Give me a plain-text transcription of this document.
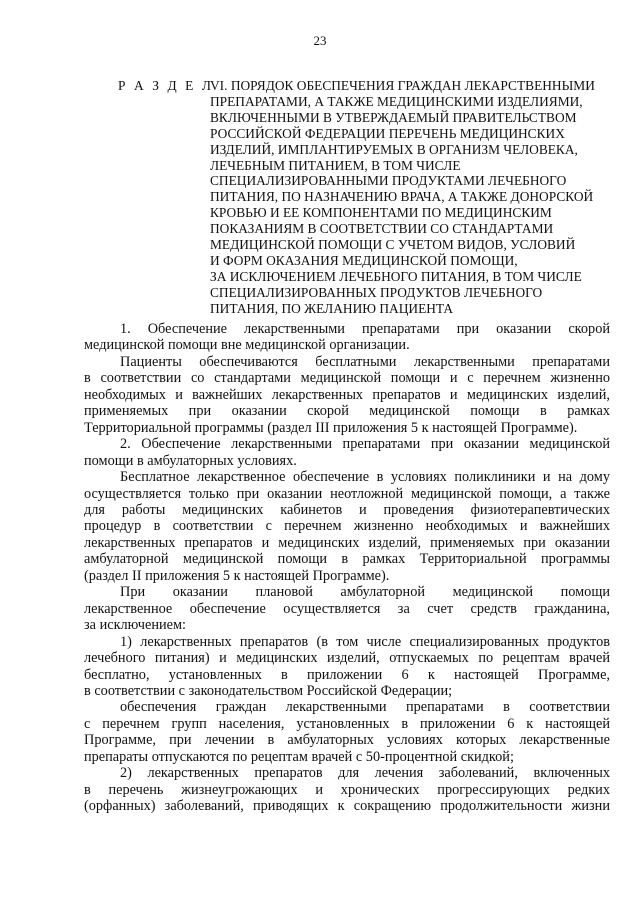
23
Р А З Д Е Л
VI. ПОРЯДОК ОБЕСПЕЧЕНИЯ ГРАЖДАН ЛЕКАРСТВЕННЫМИ
ПРЕПАРАТАМИ, А ТАКЖЕ МЕДИЦИНСКИМИ ИЗДЕЛИЯМИ,
ВКЛЮЧЕННЫМИ В УТВЕРЖДАЕМЫЙ ПРАВИТЕЛЬСТВОМ
РОССИЙСКОЙ ФЕДЕРАЦИИ ПЕРЕЧЕНЬ МЕДИЦИНСКИХ
ИЗДЕЛИЙ, ИМПЛАНТИРУЕМЫХ В ОРГАНИЗМ ЧЕЛОВЕКА,
ЛЕЧЕБНЫМ ПИТАНИЕМ, В ТОМ ЧИСЛЕ
СПЕЦИАЛИЗИРОВАННЫМИ ПРОДУКТАМИ ЛЕЧЕБНОГО
ПИТАНИЯ, ПО НАЗНАЧЕНИЮ ВРАЧА, А ТАКЖЕ ДОНОРСКОЙ
КРОВЬЮ И ЕЕ КОМПОНЕНТАМИ ПО МЕДИЦИНСКИМ
ПОКАЗАНИЯМ В СООТВЕТСТВИИ СО СТАНДАРТАМИ
МЕДИЦИНСКОЙ ПОМОЩИ С УЧЕТОМ ВИДОВ, УСЛОВИЙ
И ФОРМ ОКАЗАНИЯ МЕДИЦИНСКОЙ ПОМОЩИ,
ЗА ИСКЛЮЧЕНИЕМ ЛЕЧЕБНОГО ПИТАНИЯ, В ТОМ ЧИСЛЕ
СПЕЦИАЛИЗИРОВАННЫХ ПРОДУКТОВ ЛЕЧЕБНОГО
ПИТАНИЯ, ПО ЖЕЛАНИЮ ПАЦИЕНТА

1. Обеспечение лекарственными препаратами при оказании скорой
медицинской помощи вне медицинской организации.

Пациенты обеспечиваются бесплатными лекарственными препаратами
в соответствии со стандартами медицинской помощи и с перечнем жизненно
необходимых и важнейших лекарственных препаратов и медицинских изделий,
применяемых при оказании скорой медицинской помощи в рамках
Территориальной программы (раздел III приложения 5 к настоящей Программе).

2. Обеспечение лекарственными препаратами при оказании медицинской
помощи в амбулаторных условиях.

Бесплатное лекарственное обеспечение в условиях поликлиники и на дому
осуществляется только при оказании неотложной медицинской помощи, а также
для работы медицинских кабинетов и проведения физиотерапевтических
процедур в соответствии с перечнем жизненно необходимых и важнейших
лекарственных препаратов и медицинских изделий, применяемых при оказании
амбулаторной медицинской помощи в рамках Территориальной программы
(раздел II приложения 5 к настоящей Программе).

При оказании плановой амбулаторной медицинской помощи
лекарственное обеспечение осуществляется за счет средств гражданина,
за исключением:

1) лекарственных препаратов (в том числе специализированных продуктов
лечебного питания) и медицинских изделий, отпускаемых по рецептам врачей
бесплатно, установленных в приложении 6 к настоящей Программе,
в соответствии с законодательством Российской Федерации;

обеспечения граждан лекарственными препаратами в соответствии
с перечнем групп населения, установленных в приложении 6 к настоящей
Программе, при лечении в амбулаторных условиях которых лекарственные
препараты отпускаются по рецептам врачей с 50-процентной скидкой;

2) лекарственных препаратов для лечения заболеваний, включенных
в перечень жизнеугрожающих и хронических прогрессирующих редких
(орфанных) заболеваний, приводящих к сокращению продолжительности жизни
